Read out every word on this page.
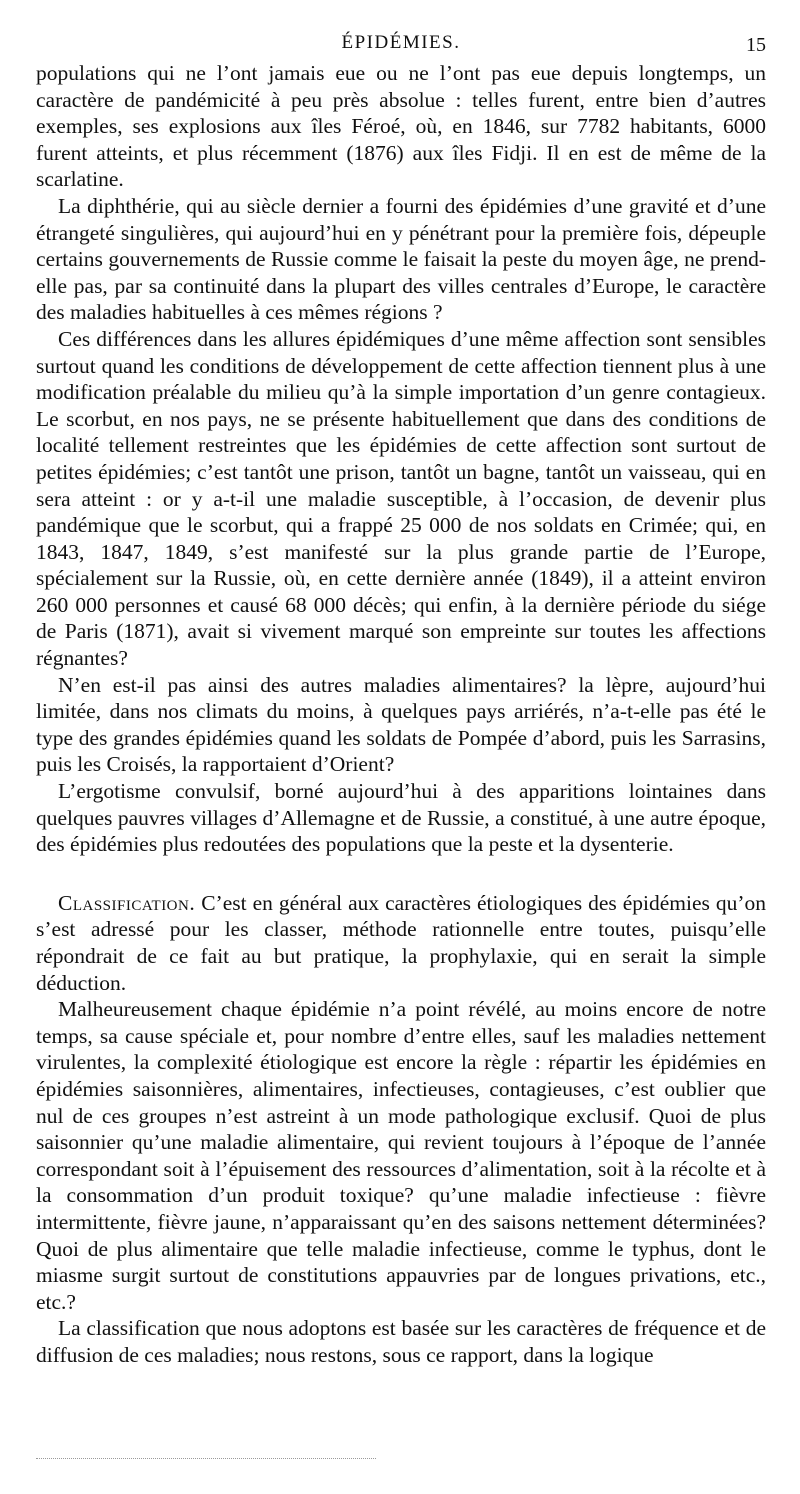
ÉPIDÉMIES.	15

populations qui ne l’ont jamais eue ou ne l’ont pas eue depuis longtemps, un caractère de pandémicité à peu près absolue : telles furent, entre bien d’autres exemples, ses explosions aux îles Féroé, où, en 1846, sur 7782 habitants, 6000 furent atteints, et plus récemment (1876) aux îles Fidji. Il en est de même de la scarlatine.

La diphthérie, qui au siècle dernier a fourni des épidémies d’une gravité et d’une étrangeté singulières, qui aujourd’hui en y pénétrant pour la première fois, dépeuple certains gouvernements de Russie comme le faisait la peste du moyen âge, ne prend-elle pas, par sa continuité dans la plupart des villes centrales d’Europe, le caractère des maladies habituelles à ces mêmes régions ?

Ces différences dans les allures épidémiques d’une même affection sont sensibles surtout quand les conditions de développement de cette affection tiennent plus à une modification préalable du milieu qu’à la simple importation d’un genre contagieux. Le scorbut, en nos pays, ne se présente habituellement que dans des conditions de localité tellement restreintes que les épidémies de cette affection sont surtout de petites épidémies; c’est tantôt une prison, tantôt un bagne, tantôt un vaisseau, qui en sera atteint : or y a-t-il une maladie susceptible, à l’occasion, de devenir plus pandémique que le scorbut, qui a frappé 25 000 de nos soldats en Crimée; qui, en 1843, 1847, 1849, s’est manifesté sur la plus grande partie de l’Europe, spécialement sur la Russie, où, en cette dernière année (1849), il a atteint environ 260 000 personnes et causé 68 000 décès; qui enfin, à la dernière période du siége de Paris (1871), avait si vivement marqué son empreinte sur toutes les affections régnantes?

N’en est-il pas ainsi des autres maladies alimentaires? la lèpre, aujourd’hui limitée, dans nos climats du moins, à quelques pays arriérés, n’a-t-elle pas été le type des grandes épidémies quand les soldats de Pompée d’abord, puis les Sarrasins, puis les Croisés, la rapportaient d’Orient?

L’ergotisme convulsif, borné aujourd’hui à des apparitions lointaines dans quelques pauvres villages d’Allemagne et de Russie, a constitué, à une autre époque, des épidémies plus redoutées des populations que la peste et la dysenterie.

Classification. C’est en général aux caractères étiologiques des épidémies qu’on s’est adressé pour les classer, méthode rationnelle entre toutes, puisqu’elle répondrait de ce fait au but pratique, la prophylaxie, qui en serait la simple déduction.

Malheureusement chaque épidémie n’a point révélé, au moins encore de notre temps, sa cause spéciale et, pour nombre d’entre elles, sauf les maladies nettement virulentes, la complexité étiologique est encore la règle : répartir les épidémies en épidémies saisonnières, alimentaires, infectieuses, contagieuses, c’est oublier que nul de ces groupes n’est astreint à un mode pathologique exclusif. Quoi de plus saisonnier qu’une maladie alimentaire, qui revient toujours à l’époque de l’année correspondant soit à l’épuisement des ressources d’alimentation, soit à la récolte et à la consommation d’un produit toxique? qu’une maladie infectieuse : fièvre intermittente, fièvre jaune, n’apparaissant qu’en des saisons nettement déterminées? Quoi de plus alimentaire que telle maladie infectieuse, comme le typhus, dont le miasme surgit surtout de constitutions appauvries par de longues privations, etc., etc.?

La classification que nous adoptons est basée sur les caractères de fréquence et de diffusion de ces maladies; nous restons, sous ce rapport, dans la logique
